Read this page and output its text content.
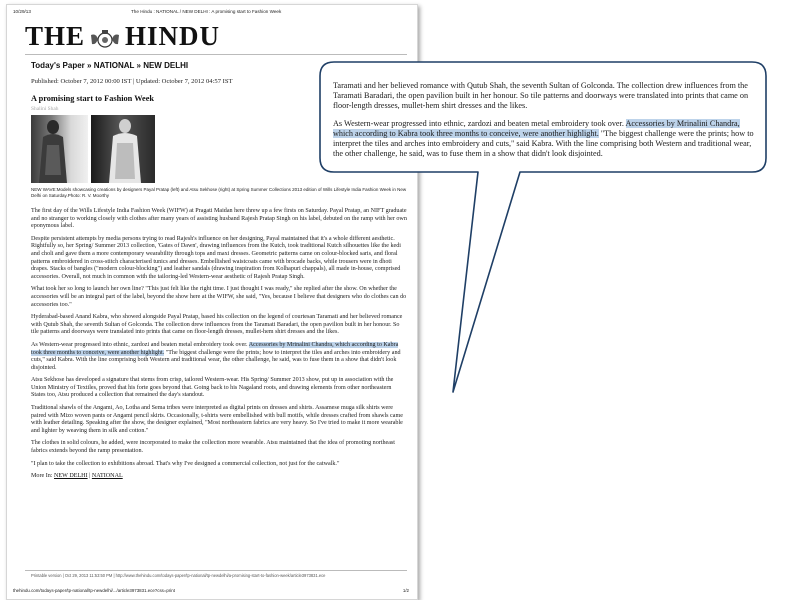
10/29/13	The Hindu : NATIONAL / NEW DELHI : A promising start to Fashion Week
THE HINDU
Today's Paper » NATIONAL » NEW DELHI
Published: October 7, 2012 00:00 IST | Updated: October 7, 2012 04:57 IST
A promising start to Fashion Week
Shalini Shah
NEW WAVE:Models showcasing creations by designers Payal Pratap (left) and Atsu Sekhose (right) at Spring Summer Collections 2013 edition of Wills Lifestyle India Fashion Week in New Delhi on Saturday.Photo: R. V. Moorthy

The first day of the Wills Lifestyle India Fashion Week (WIFW) at Pragati Maidan here threw up a few firsts on Saturday. Payal Pratap, an NIFT graduate and no stranger to working closely with clothes after many years of assisting husband Rajesh Pratap Singh on his label, debuted on the ramp with her own eponymous label.

Despite persistent attempts by media persons trying to read Rajesh's influence on her designing, Payal maintained that it's a whole different aesthetic. Rightfully so, her Spring/ Summer 2013 collection, 'Gates of Dawn', drawing influences from the Kutch, took traditional Kutch silhouettes like the kedi and choli and gave them a more contemporary wearability through tops and maxi dresses. Geometric patterns came on colour-blocked saris, and floral patterns embroidered in cross-stitch characterised tunics and dresses. Embellished waistcoats came with brocade backs, while trousers were in dhoti drapes. Stacks of bangles ("modern colour-blocking") and leather sandals (drawing inspiration from Kolhapuri chappals), all made in-house, comprised accessories. Overall, not much in common with the tailoring-led Western-wear aesthetic of Rajesh Pratap Singh.

What took her so long to launch her own line? "This just felt like the right time. I just thought I was ready," she replied after the show. On whether the accessories will be an integral part of the label, beyond the show here at the WIFW, she said, "Yes, because I believe that designers who do clothes can do accessories too."

Hyderabad-based Anand Kabra, who showed alongside Payal Pratap, based his collection on the legend of courtesan Taramati and her believed romance with Qutub Shah, the seventh Sultan of Golconda. The collection drew influences from the Taramati Baradari, the open pavilion built in her honour. So tile patterns and doorways were translated into prints that came on floor-length dresses, mullet-hem shirt dresses and the likes.

As Western-wear progressed into ethnic, zardozi and beaten metal embroidery took over. Accessories by Mrinalini Chandra, which according to Kabra took three months to conceive, were another highlight. "The biggest challenge were the prints; how to interpret the tiles and arches into embroidery and cuts," said Kabra. With the line comprising both Western and traditional wear, the other challenge, he said, was to fuse them in a show that didn't look disjointed.

Atsu Sekhose has developed a signature that stems from crisp, tailored Western-wear. His Spring/ Summer 2013 show, put up in association with the Union Ministry of Textiles, proved that his forte goes beyond that. Going back to his Nagaland roots, and drawing elements from other northeastern States too, Atsu produced a collection that remained the day's standout.

Traditional shawls of the Angami, Ao, Lotha and Sema tribes were interpreted as digital prints on dresses and shirts. Assamese muga silk shirts were paired with Mizo woven pants or Angami pencil skirts. Occasionally, t-shirts were embellished with bull motifs, while dresses crafted from shawls came with leather detailing. Speaking after the show, the designer explained, "Most northeastern fabrics are very heavy. So I've tried to make it more wearable and lighter by weaving them in silk and cotton."

The clothes in solid colours, he added, were incorporated to make the collection more wearable. Atsu maintained that the idea of promoting northeast fabrics extends beyond the ramp presentation.

"I plan to take the collection to exhibitions abroad. That's why I've designed a commercial collection, not just for the catwalk."

More In: NEW DELHI | NATIONAL

Printable version | Oct 29, 2013 11:53:50 PM | http://www.thehindu.com/todays-paper/tp-national/tp-newdelhi/a-promising-start-to-fashion-week/article3973831.ece
thehindu.com/todays-paper/tp-national/tp-newdelhi/.../article3973831.ece?css=print	1/2

Taramati and her believed romance with Qutub Shah, the seventh Sultan of Golconda. The collection drew influences from the Taramati Baradari, the open pavilion built in her honour. So tile patterns and doorways were translated into prints that came on floor-length dresses, mullet-hem shirt dresses and the likes.

As Western-wear progressed into ethnic, zardozi and beaten metal embroidery took over. Accessories by Mrinalini Chandra, which according to Kabra took three months to conceive, were another highlight. "The biggest challenge were the prints; how to interpret the tiles and arches into embroidery and cuts," said Kabra. With the line comprising both Western and traditional wear, the other challenge, he said, was to fuse them in a show that didn't look disjointed.
